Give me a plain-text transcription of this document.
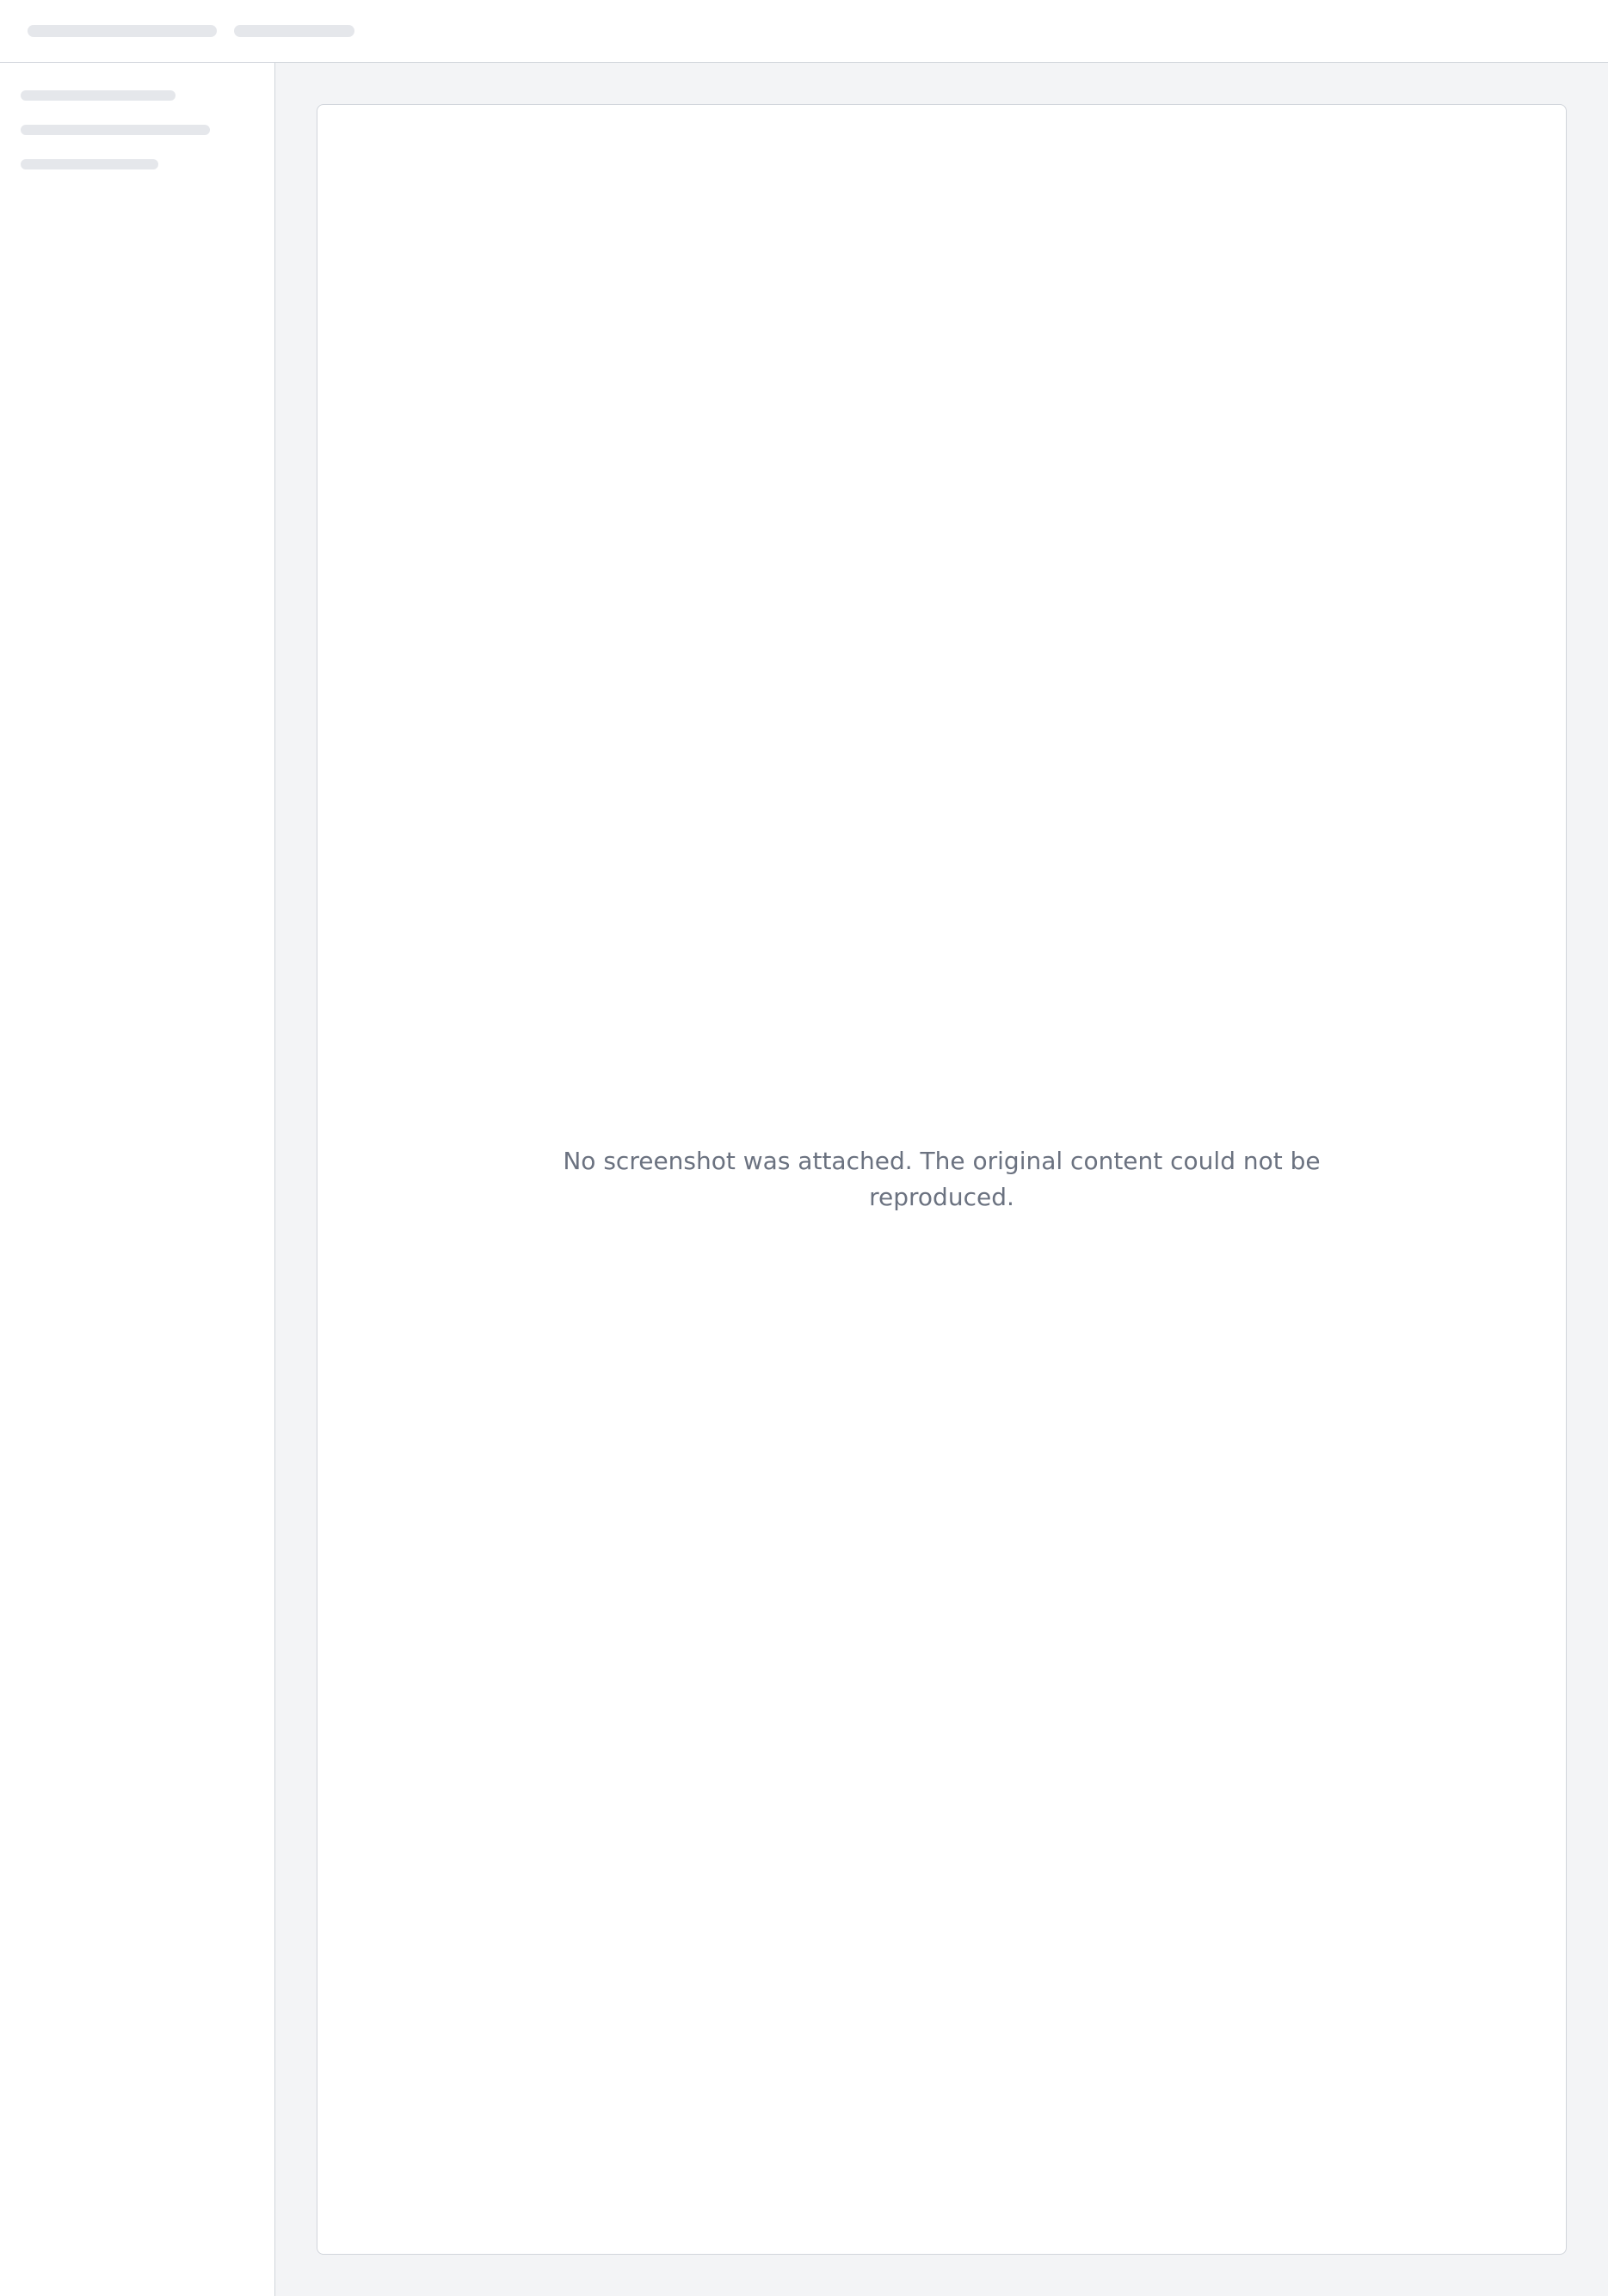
No screenshot was attached. The original content could not be reproduced.
